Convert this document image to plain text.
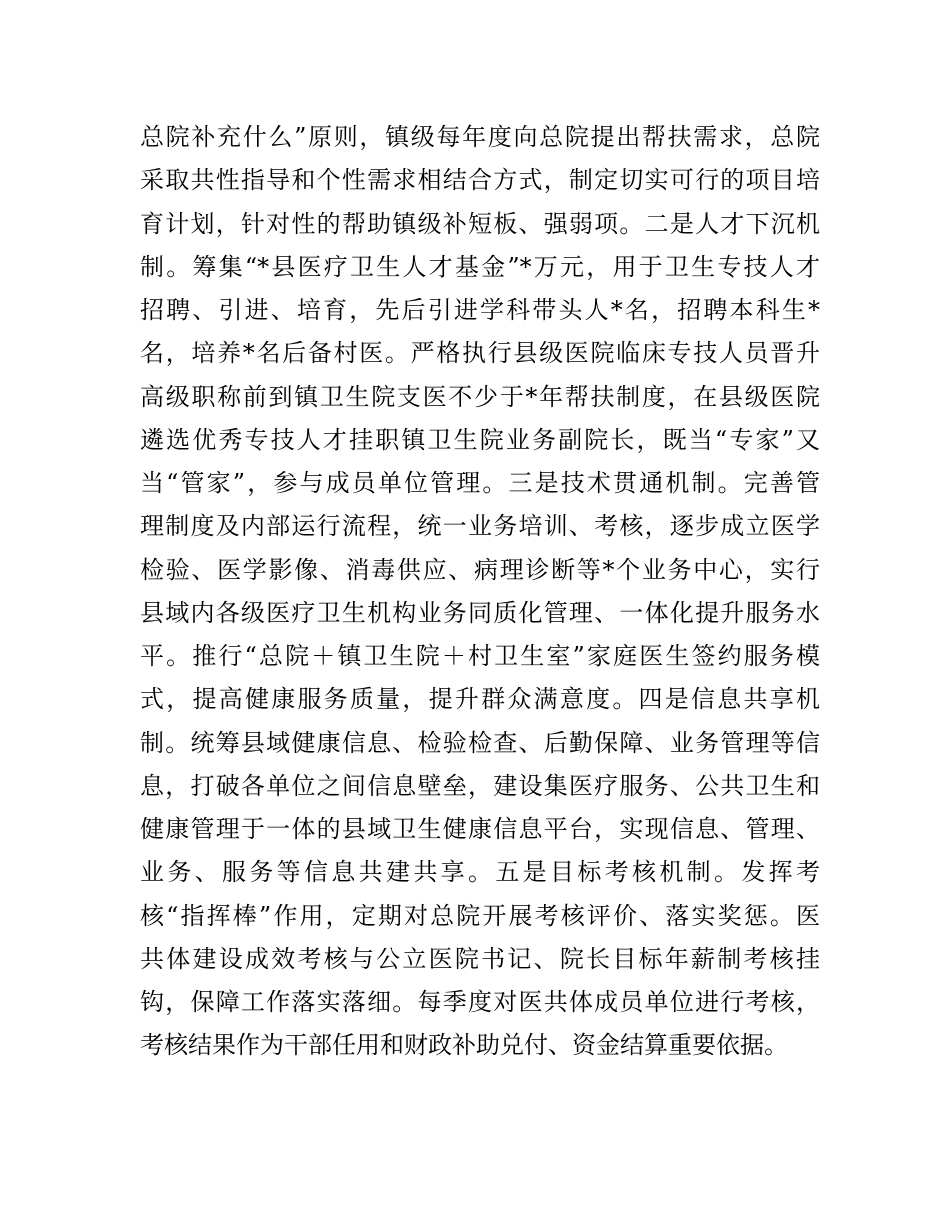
总院补充什么”原则，镇级每年度向总院提出帮扶需求，总院
采取共性指导和个性需求相结合方式，制定切实可行的项目培
育计划，针对性的帮助镇级补短板、强弱项。二是人才下沉机
制。筹集“*县医疗卫生人才基金”*万元，用于卫生专技人才
招聘、引进、培育，先后引进学科带头人*名，招聘本科生*
名，培养*名后备村医。严格执行县级医院临床专技人员晋升
高级职称前到镇卫生院支医不少于*年帮扶制度，在县级医院
遴选优秀专技人才挂职镇卫生院业务副院长，既当“专家”又
当“管家”，参与成员单位管理。三是技术贯通机制。完善管
理制度及内部运行流程，统一业务培训、考核，逐步成立医学
检验、医学影像、消毒供应、病理诊断等*个业务中心，实行
县域内各级医疗卫生机构业务同质化管理、一体化提升服务水
平。推行“总院＋镇卫生院＋村卫生室”家庭医生签约服务模
式，提高健康服务质量，提升群众满意度。四是信息共享机
制。统筹县域健康信息、检验检查、后勤保障、业务管理等信
息，打破各单位之间信息壁垒，建设集医疗服务、公共卫生和
健康管理于一体的县域卫生健康信息平台，实现信息、管理、
业务、服务等信息共建共享。五是目标考核机制。发挥考
核“指挥棒”作用，定期对总院开展考核评价、落实奖惩。医
共体建设成效考核与公立医院书记、院长目标年薪制考核挂
钩，保障工作落实落细。每季度对医共体成员单位进行考核，
考核结果作为干部任用和财政补助兑付、资金结算重要依据。
